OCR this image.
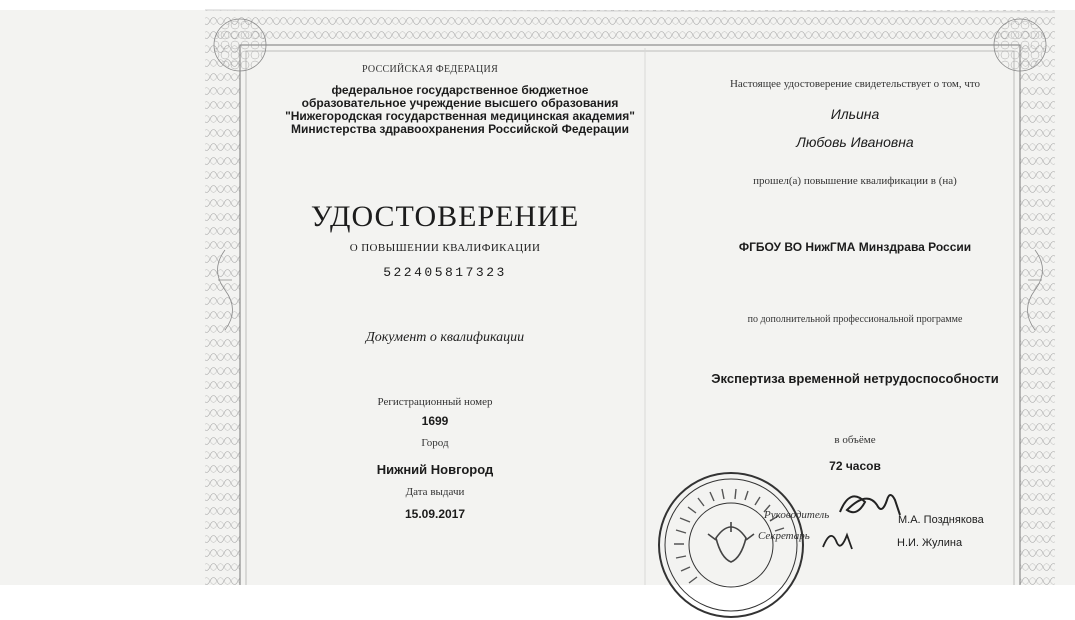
РОССИЙСКАЯ ФЕДЕРАЦИЯ
федеральное государственное бюджетное образовательное учреждение высшего образования "Нижегородская государственная медицинская академия" Министерства здравоохранения Российской Федерации
УДОСТОВЕРЕНИЕ
О ПОВЫШЕНИИ КВАЛИФИКАЦИИ
522405817323
Документ о квалификации
Регистрационный номер
1699
Город
Нижний Новгород
Дата выдачи
15.09.2017
Настоящее удостоверение свидетельствует о том, что
Ильина
Любовь Ивановна
прошел(а) повышение квалификации в (на)
ФГБОУ ВО НижГМА Минздрава России
по дополнительной профессиональной программе
Экспертиза временной нетрудоспособности
в объёме
72 часов
Руководитель	М.А. Позднякова
Секретарь
Н.И. Жулина
